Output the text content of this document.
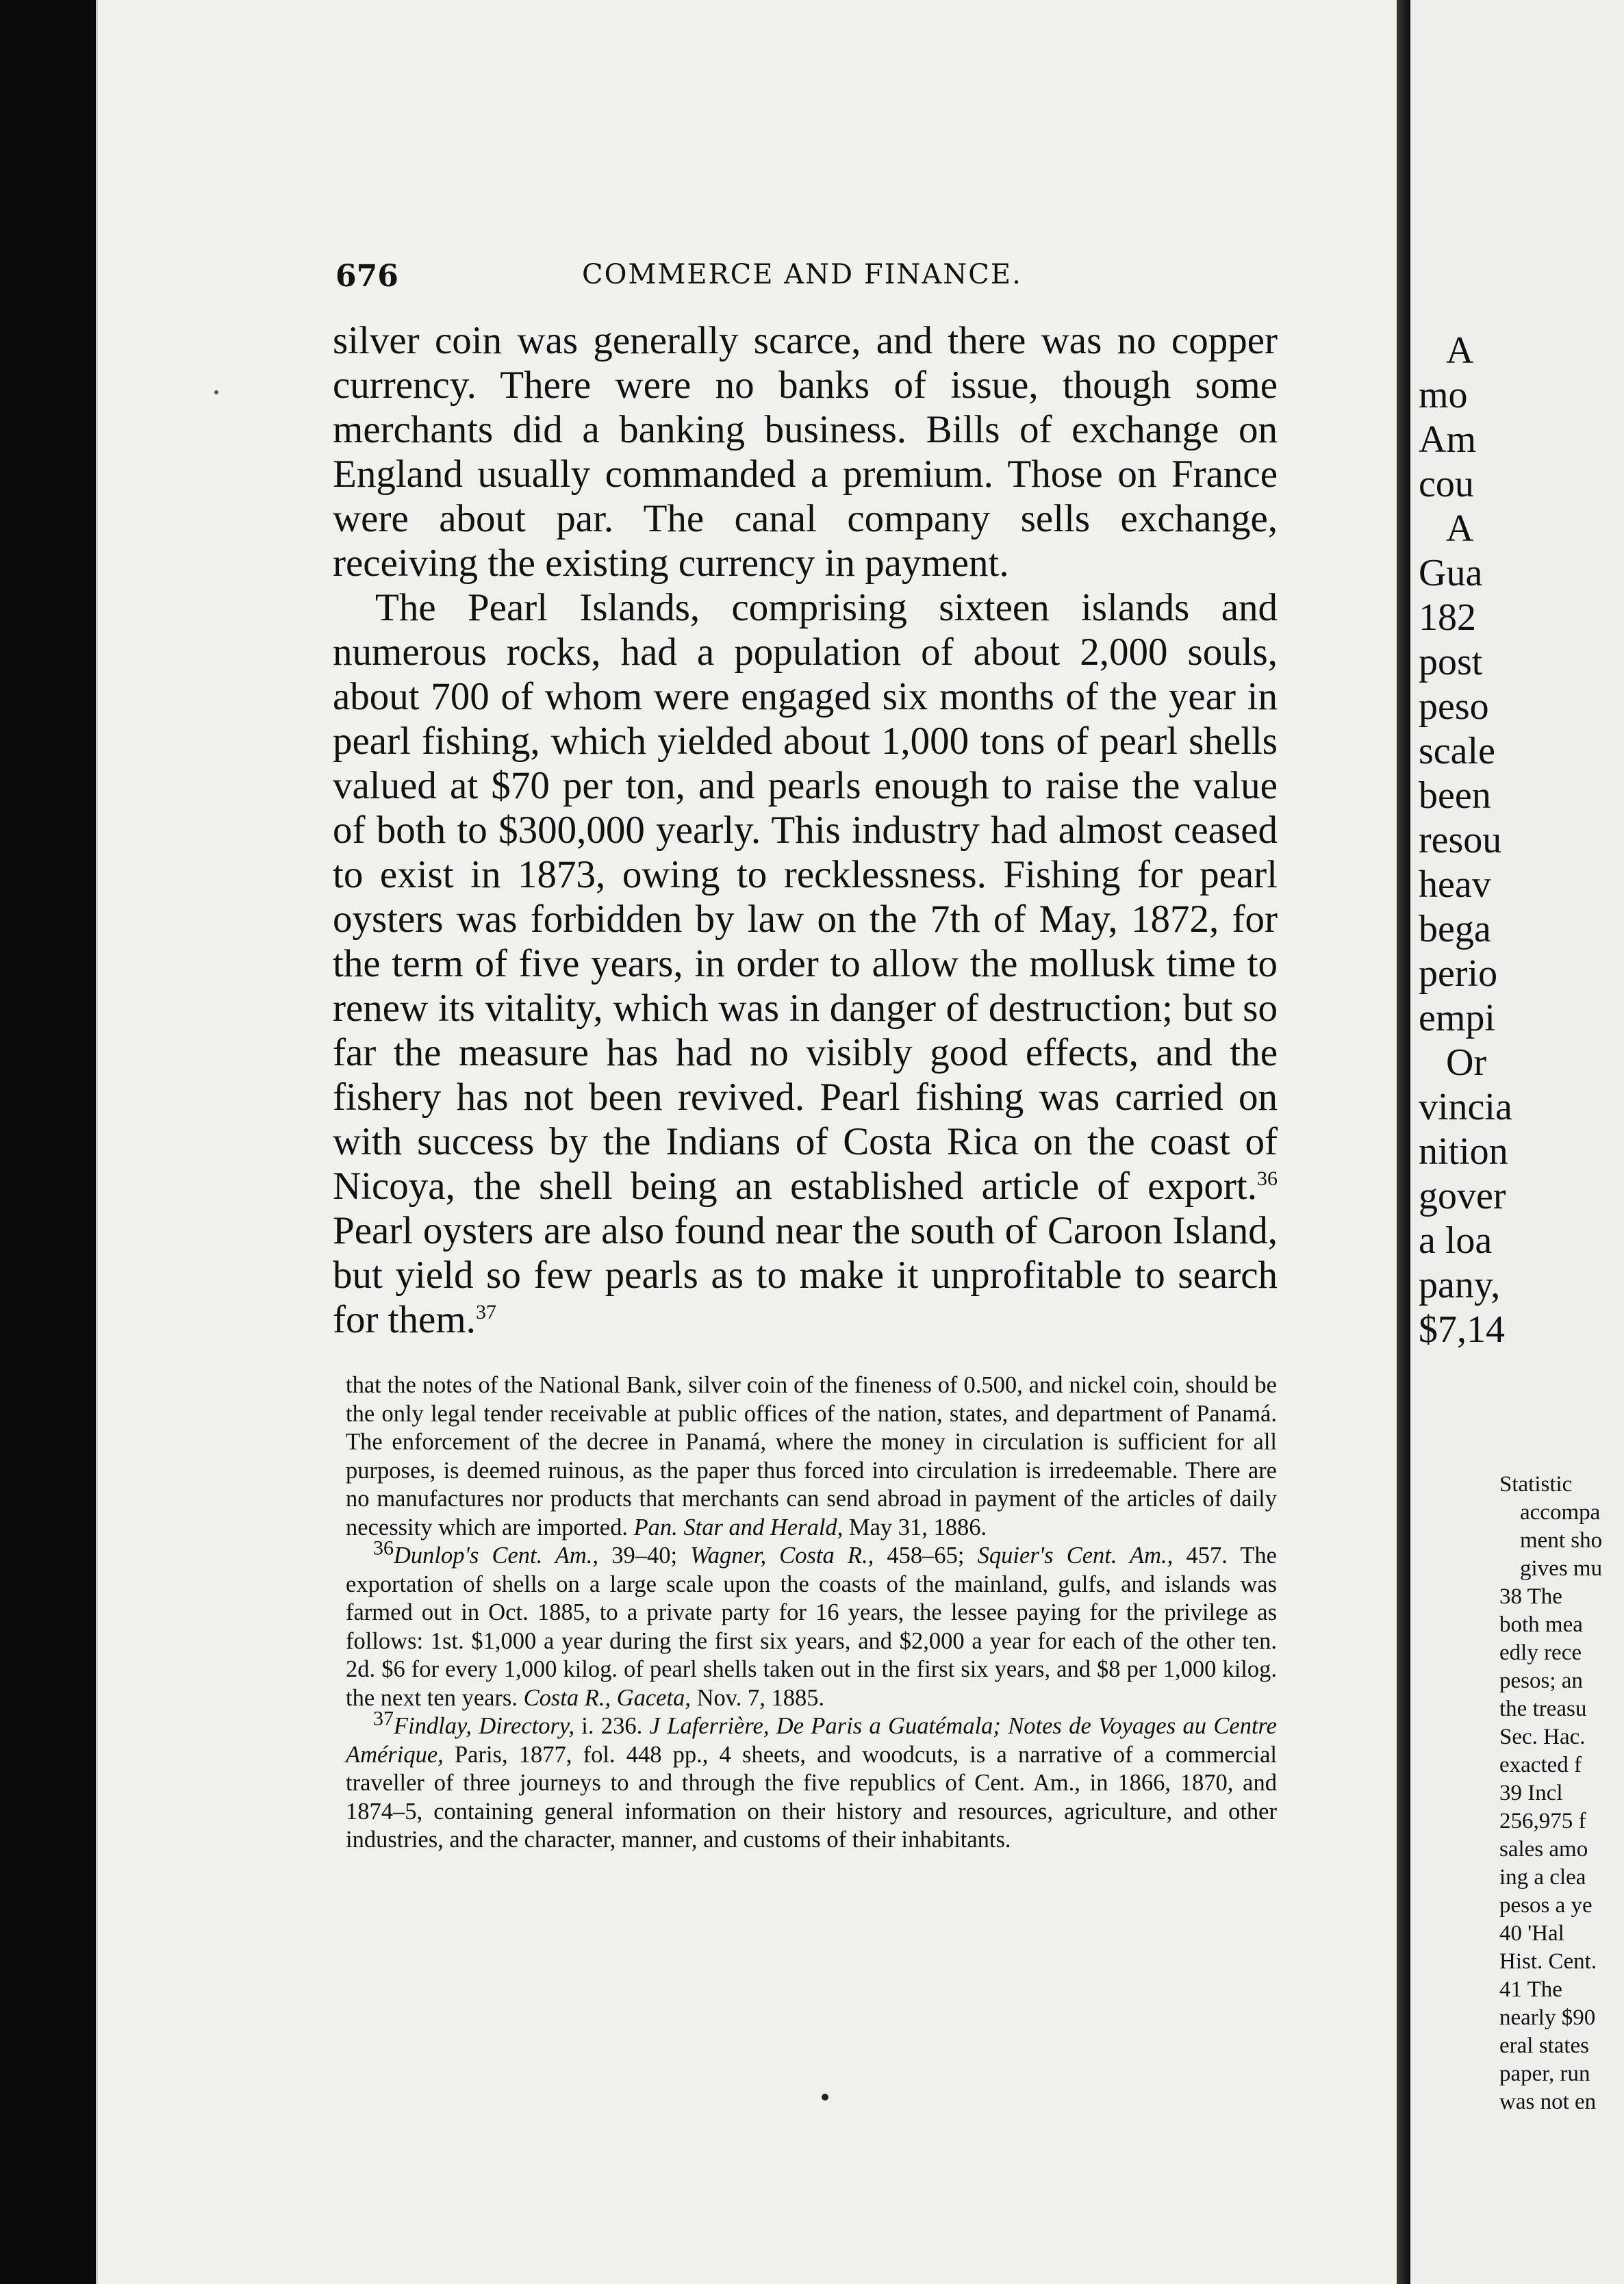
676	COMMERCE AND FINANCE.

silver coin was generally scarce, and there was no copper currency. There were no banks of issue, though some merchants did a banking business. Bills of exchange on England usually commanded a premium. Those on France were about par. The canal company sells exchange, receiving the existing currency in payment.

The Pearl Islands, comprising sixteen islands and numerous rocks, had a population of about 2,000 souls, about 700 of whom were engaged six months of the year in pearl fishing, which yielded about 1,000 tons of pearl shells valued at $70 per ton, and pearls enough to raise the value of both to $300,000 yearly. This industry had almost ceased to exist in 1873, owing to recklessness. Fishing for pearl oysters was forbidden by law on the 7th of May, 1872, for the term of five years, in order to allow the mollusk time to renew its vitality, which was in danger of destruction; but so far the measure has had no visibly good effects, and the fishery has not been revived. Pearl fishing was carried on with success by the Indians of Costa Rica on the coast of Nicoya, the shell being an established article of export.$^{36}$ Pearl oysters are also found near the south of Caroon Island, but yield so few pearls as to make it unprofitable to search for them.$^{37}$

that the notes of the National Bank, silver coin of the fineness of 0.500, and nickel coin, should be the only legal tender receivable at public offices of the nation, states, and department of Panamá. The enforcement of the decree in Panamá, where the money in circulation is sufficient for all purposes, is deemed ruinous, as the paper thus forced into circulation is irredeemable. There are no manufactures nor products that merchants can send abroad in payment of the articles of daily necessity which are imported. Pan. Star and Herald, May 31, 1886.

$^{36}$Dunlop's Cent. Am., 39–40; Wagner, Costa R., 458–65; Squier's Cent. Am., 457. The exportation of shells on a large scale upon the coasts of the mainland, gulfs, and islands was farmed out in Oct. 1885, to a private party for 16 years, the lessee paying for the privilege as follows: 1st. $1,000 a year during the first six years, and $2,000 a year for each of the other ten. 2d. $6 for every 1,000 kilog. of pearl shells taken out in the first six years, and $8 per 1,000 kilog. the next ten years. Costa R., Gaceta, Nov. 7, 1885.

$^{37}$Findlay, Directory, i. 236. J Laferrière, De Paris a Guatémala; Notes de Voyages au Centre Amérique, Paris, 1877, fol. 448 pp., 4 sheets, and woodcuts, is a narrative of a commercial traveller of three journeys to and through the five republics of Cent. Am., in 1866, 1870, and 1874–5, containing general information on their history and resources, agriculture, and other industries, and the character, manner, and customs of their inhabitants.

A
mo
Am
cou
A
Gua
182
post
peso
scale
been
resou
heav
bega
perio
empi
Or
vincia
nition
gover
a loa
pany,
$7,14
Statistic
accompa
ment sho
gives mu
38 The
both mea
edly rece
pesos; an
the treasu
Sec. Hac.
exacted f
39 Incl
256,975 f
sales amo
ing a clea
pesos a ye
40 'Hal
Hist. Cent.
41 The
nearly $90
eral states
paper, run
was not en
